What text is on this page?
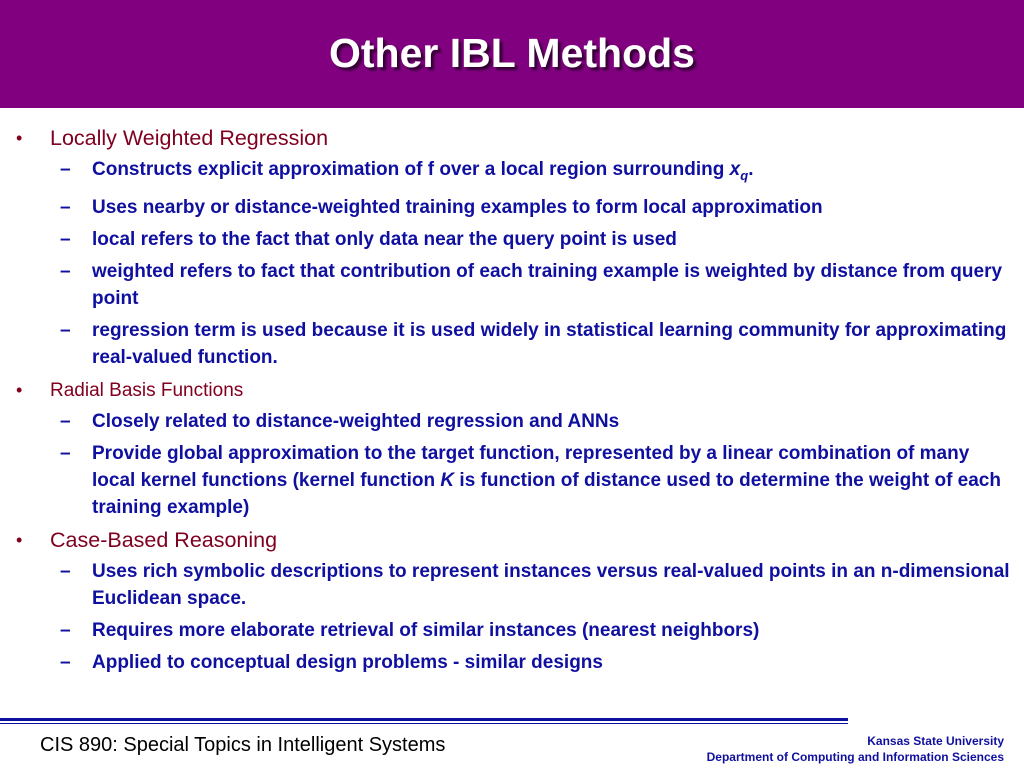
Other IBL Methods
• Locally Weighted Regression
– Constructs explicit approximation of f over a local region surrounding $x_q$.
– Uses nearby or distance-weighted training examples to form local approximation
– local refers to the fact that only data near the query point is used
– weighted refers to fact that contribution of each training example is weighted by distance from query point
– regression term is used because it is used widely in statistical learning community for approximating real-valued function.
• Radial Basis Functions
– Closely related to distance-weighted regression and ANNs
– Provide global approximation to the target function, represented by a linear combination of many local kernel functions (kernel function K is function of distance used to determine the weight of each training example)
• Case-Based Reasoning
– Uses rich symbolic descriptions to represent instances versus real-valued points in an n-dimensional Euclidean space.
– Requires more elaborate retrieval of similar instances (nearest neighbors)
– Applied to conceptual design problems - similar designs
CIS 890: Special Topics in Intelligent Systems	Kansas State University
Department of Computing and Information Sciences
